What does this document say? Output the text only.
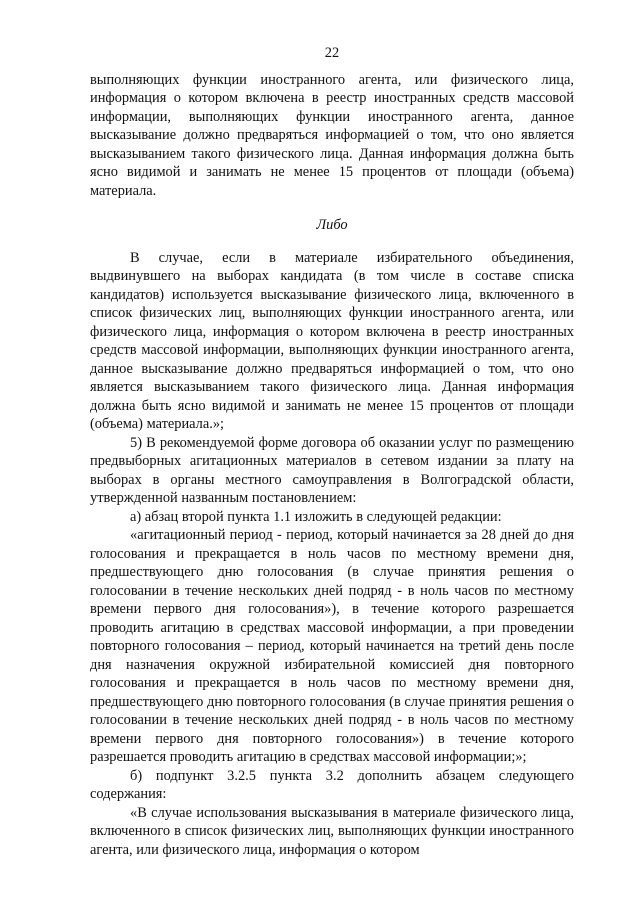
22

выполняющих функции иностранного агента, или физического лица, информация о котором включена в реестр иностранных средств массовой информации, выполняющих функции иностранного агента, данное высказывание должно предваряться информацией о том, что оно является высказыванием такого физического лица. Данная информация должна быть ясно видимой и занимать не менее 15 процентов от площади (объема) материала.

Либо

В случае, если в материале избирательного объединения, выдвинувшего на выборах кандидата (в том числе в составе списка кандидатов) используется высказывание физического лица, включенного в список физических лиц, выполняющих функции иностранного агента, или физического лица, информация о котором включена в реестр иностранных средств массовой информации, выполняющих функции иностранного агента, данное высказывание должно предваряться информацией о том, что оно является высказыванием такого физического лица. Данная информация должна быть ясно видимой и занимать не менее 15 процентов от площади (объема) материала.»;

5) В рекомендуемой форме договора об оказании услуг по размещению предвыборных агитационных материалов в сетевом издании за плату на выборах в органы местного самоуправления в Волгоградской области, утвержденной названным постановлением:

а) абзац второй пункта 1.1 изложить в следующей редакции:

«агитационный период - период, который начинается за 28 дней до дня голосования и прекращается в ноль часов по местному времени дня, предшествующего дню голосования (в случае принятия решения о голосовании в течение нескольких дней подряд - в ноль часов по местному времени первого дня голосования»), в течение которого разрешается проводить агитацию в средствах массовой информации, а при проведении повторного голосования – период, который начинается на третий день после дня назначения окружной избирательной комиссией дня повторного голосования и прекращается в ноль часов по местному времени дня, предшествующего дню повторного голосования (в случае принятия решения о голосовании в течение нескольких дней подряд - в ноль часов по местному времени первого дня повторного голосования») в течение которого разрешается проводить агитацию в средствах массовой информации;»;

б) подпункт 3.2.5 пункта 3.2 дополнить абзацем следующего содержания:

«В случае использования высказывания в материале физического лица, включенного в список физических лиц, выполняющих функции иностранного агента, или физического лица, информация о котором
